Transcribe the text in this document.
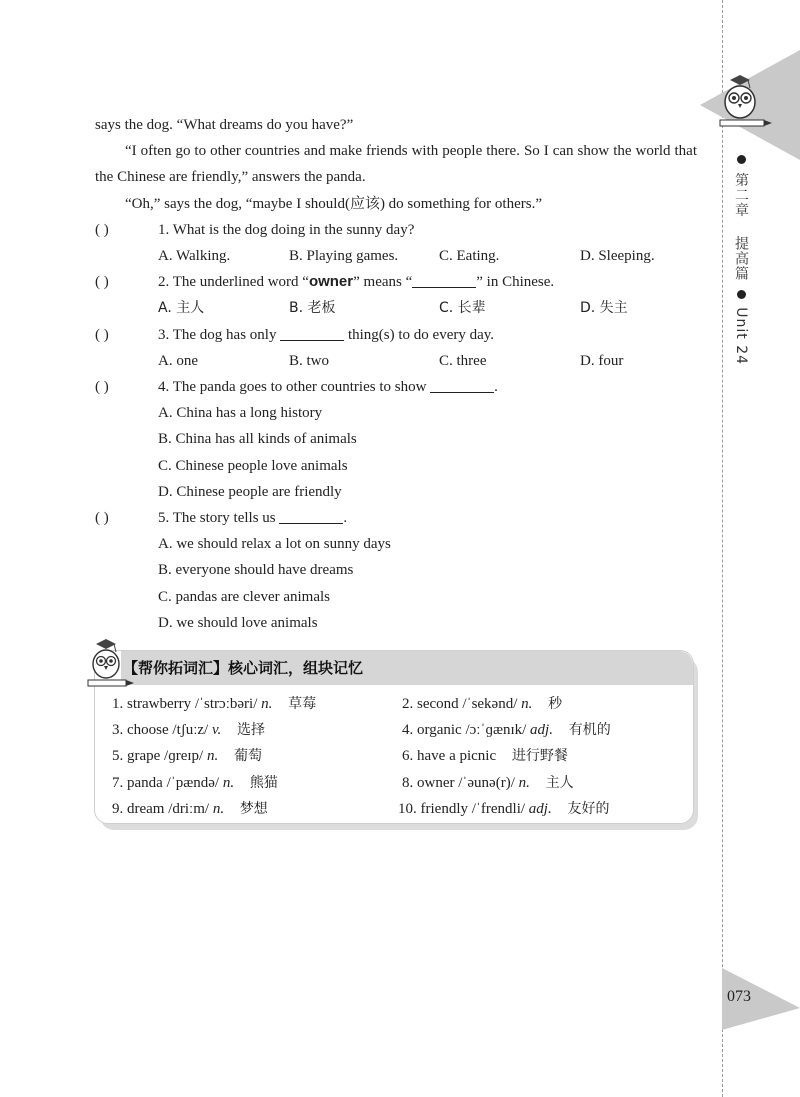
第二章  提高篇  Unit 24
073

says the dog. “What dreams do you have?”

“I often go to other countries and make friends with people there. So I can show the world that the Chinese are friendly,” answers the panda.

“Oh,” says the dog, “maybe I should(应该) do something for others.”

( )	1. What is the dog doing in the sunny day?
A. Walking.	B. Playing games.	C. Eating.	D. Sleeping.
( )	2. The underlined word “owner” means “	” in Chinese.
A. 主人	B. 老板	C. 长辈	D. 失主
( )	3. The dog has only	thing(s) to do every day.
A. one	B. two	C. three	D. four
( )	4. The panda goes to other countries to show	.
A. China has a long history
B. China has all kinds of animals
C. Chinese people love animals
D. Chinese people are friendly
( )	5. The story tells us	.
A. we should relax a lot on sunny days
B. everyone should have dreams
C. pandas are clever animals
D. we should love animals
【帮你拓词汇】核心词汇，组块记忆
1. strawberry /ˈstrɔːbəri/ n. 草莓	2. second /ˈsekənd/ n. 秒
3. choose /tʃuːz/ v. 选择	4. organic /ɔːˈɡænɪk/ adj. 有机的
5. grape /ɡreɪp/ n. 葡萄	6. have a picnic 进行野餐
7. panda /ˈpændə/ n. 熊猫	8. owner /ˈəunə(r)/ n. 主人
9. dream /driːm/ n. 梦想	10. friendly /ˈfrendli/ adj. 友好的
